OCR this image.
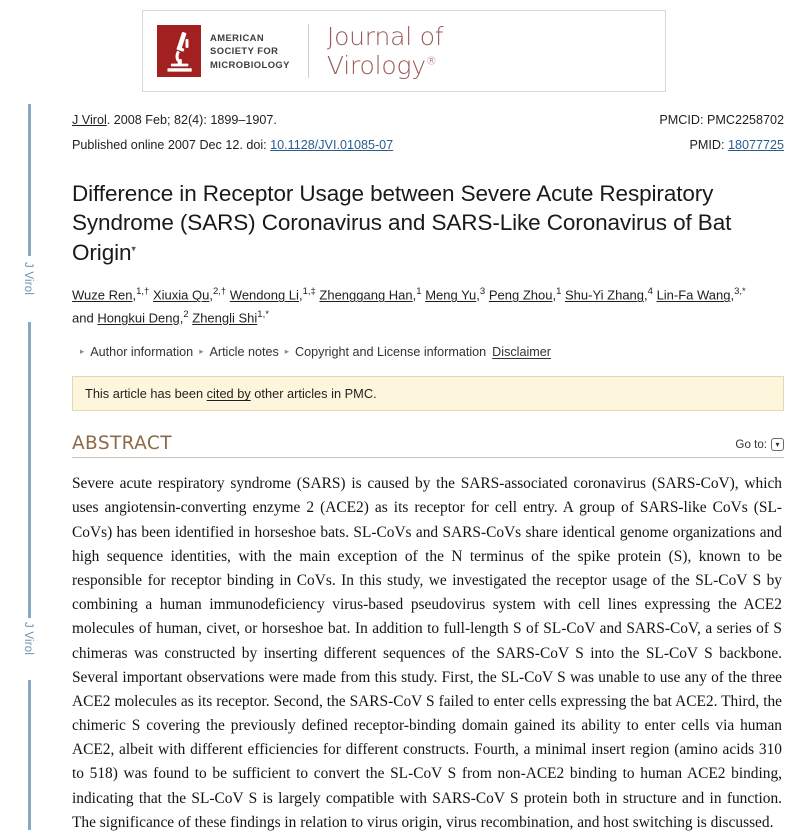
J Virol
J Virol
AMERICAN
SOCIETY FOR
MICROBIOLOGY
Journal of
Virology®
J Virol. 2008 Feb; 82(4): 1899–1907.	PMCID: PMC2258702
Published online 2007 Dec 12. doi: 10.1128/JVI.01085-07	PMID: 18077725
Difference in Receptor Usage between Severe Acute Respiratory Syndrome (SARS) Coronavirus and SARS-Like Coronavirus of Bat Origin▾
Wuze Ren,$^{1,\dagger}$ Xiuxia Qu,$^{2,\dagger}$ Wendong Li,$^{1,\ddagger}$ Zhenggang Han,$^1$ Meng Yu,$^3$ Peng Zhou,$^1$ Shu-Yi Zhang,$^4$ Lin-Fa Wang,$^{3,*}$ and Hongkui Deng,$^2$ Zhengli Shi$^{1,*}$
▸ Author information ▸ Article notes ▸ Copyright and License information Disclaimer
This article has been cited by other articles in PMC.
ABSTRACT	Go to:	▾
Severe acute respiratory syndrome (SARS) is caused by the SARS-associated coronavirus (SARS-CoV), which uses angiotensin-converting enzyme 2 (ACE2) as its receptor for cell entry. A group of SARS-like CoVs (SL-CoVs) has been identified in horseshoe bats. SL-CoVs and SARS-CoVs share identical genome organizations and high sequence identities, with the main exception of the N terminus of the spike protein (S), known to be responsible for receptor binding in CoVs. In this study, we investigated the receptor usage of the SL-CoV S by combining a human immunodeficiency virus-based pseudovirus system with cell lines expressing the ACE2 molecules of human, civet, or horseshoe bat. In addition to full-length S of SL-CoV and SARS-CoV, a series of S chimeras was constructed by inserting different sequences of the SARS-CoV S into the SL-CoV S backbone. Several important observations were made from this study. First, the SL-CoV S was unable to use any of the three ACE2 molecules as its receptor. Second, the SARS-CoV S failed to enter cells expressing the bat ACE2. Third, the chimeric S covering the previously defined receptor-binding domain gained its ability to enter cells via human ACE2, albeit with different efficiencies for different constructs. Fourth, a minimal insert region (amino acids 310 to 518) was found to be sufficient to convert the SL-CoV S from non-ACE2 binding to human ACE2 binding, indicating that the SL-CoV S is largely compatible with SARS-CoV S protein both in structure and in function. The significance of these findings in relation to virus origin, virus recombination, and host switching is discussed.
